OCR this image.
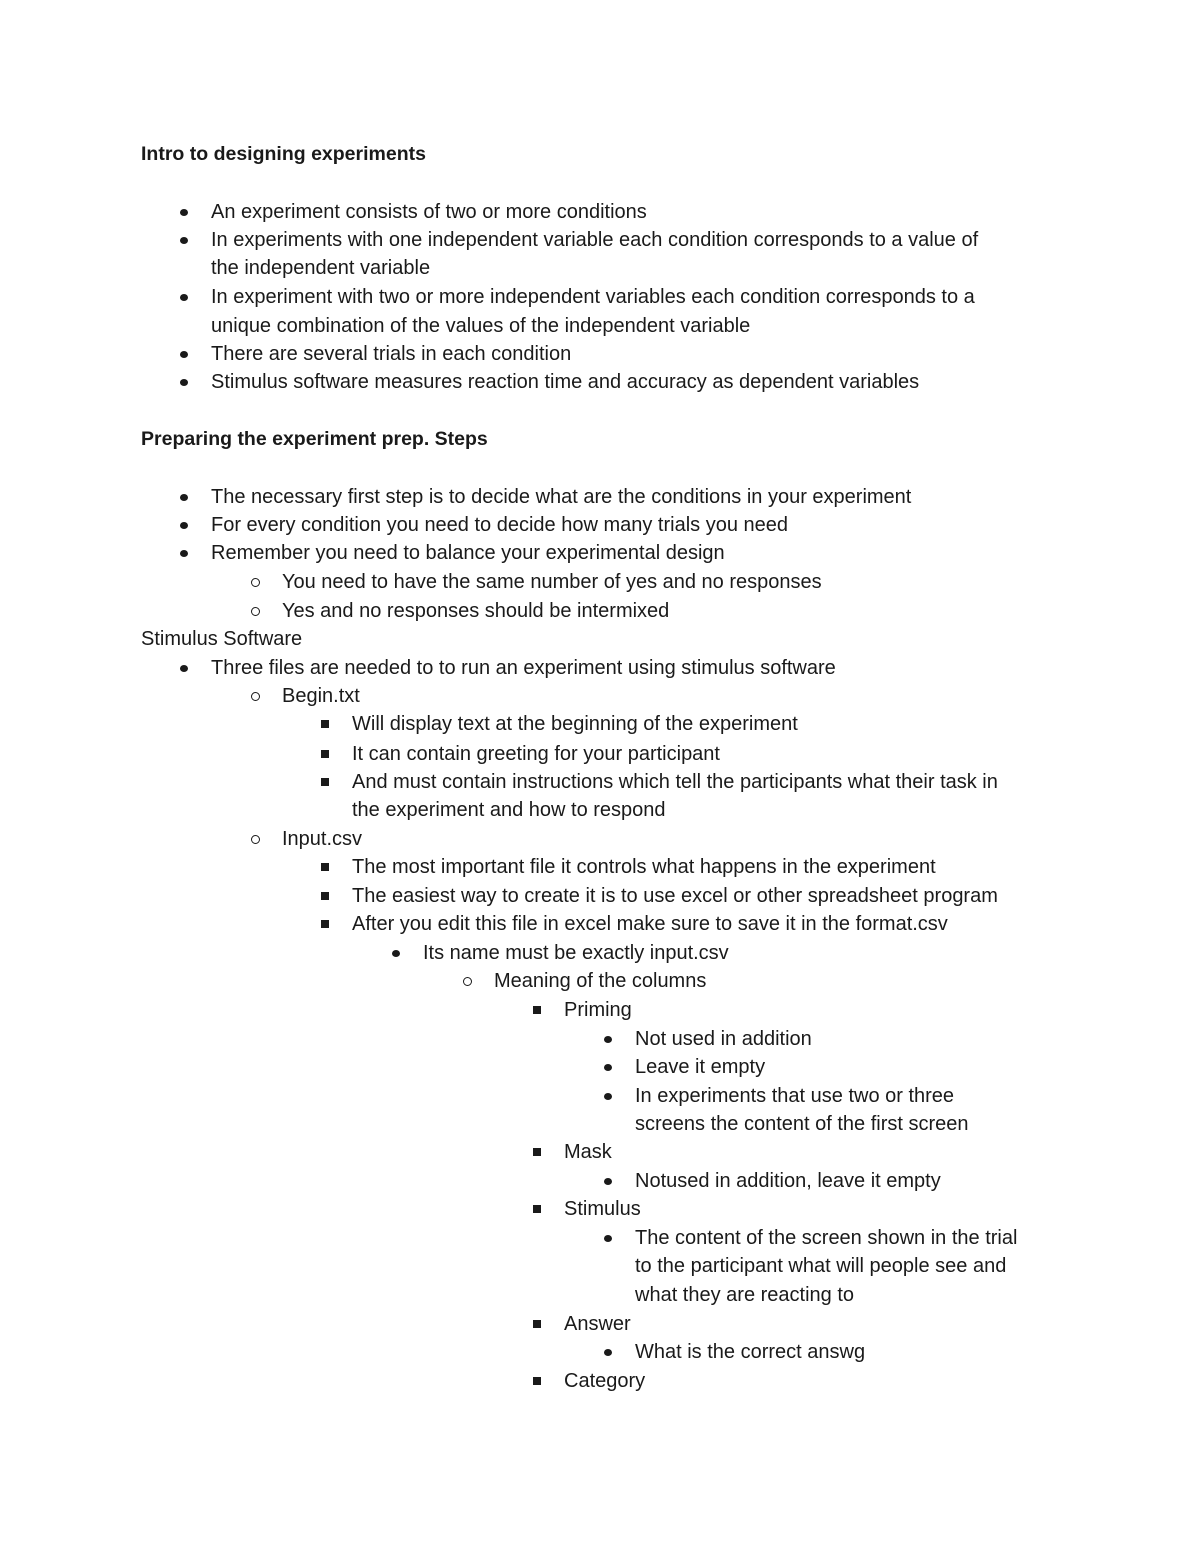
Intro to designing experiments
An experiment consists of two or more conditions
In experiments with one independent variable each condition corresponds to a value of
the independent variable
In experiment with two or more independent variables each condition corresponds to a
unique combination of the values of the independent variable
There are several trials in each condition
Stimulus software measures reaction time and accuracy as dependent variables
Preparing the experiment prep. Steps
The necessary first step is to decide what are the conditions in your experiment
For every condition you need to decide how many trials you need
Remember you need to balance your experimental design
You need to have the same number of yes and no responses
Yes and no responses should be intermixed
Stimulus Software
Three files are needed to to run an experiment using stimulus software
Begin.txt
Will display text at the beginning of the experiment
It can contain greeting for your participant
And must contain instructions which tell the participants what their task in
the experiment and how to respond
Input.csv
The most important file it controls what happens in the experiment
The easiest way to create it is to use excel or other spreadsheet program
After you edit this file in excel make sure to save it in the format.csv
Its name must be exactly input.csv
Meaning of the columns
Priming
Not used in addition
Leave it empty
In experiments that use two or three
screens the content of the first screen
Mask
Notused in addition, leave it empty
Stimulus
The content of the screen shown in the trial
to the participant what will people see and
what they are reacting to
Answer
What is the correct answg
Category
